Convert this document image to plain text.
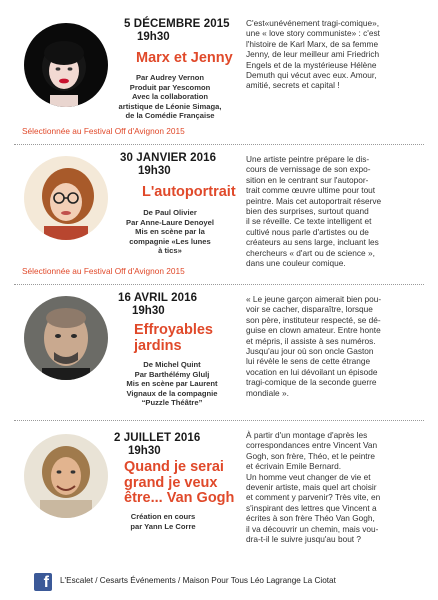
5 DÉCEMBRE 2015
19h30
Marx et Jenny
Par Audrey Vernon
Produit par Yescomon
Avec la collaboration
artistique de Léonie Simaga,
de la Comédie Française
Sélectionnée au Festival Off d'Avignon 2015
C'est«unévénement tragi-comique»,
une « love story communiste» : c'est
l'histoire de Karl Marx, de sa femme
Jenny, de leur meilleur ami Friedrich
Engels et de la mystérieuse Hélène
Demuth qui vécut avec eux. Amour,
amitié, secrets et capital !
30 JANVIER 2016
19h30
L'autoportrait
De Paul Olivier
Par Anne-Laure Denoyel
Mis en scène par la
compagnie «Les lunes
à tics»
Sélectionnée au Festival Off d'Avignon 2015
Une artiste peintre prépare le dis-
cours de vernissage de son expo-
sition en le centrant sur l'autopor-
trait comme œuvre ultime pour tout
peintre. Mais cet autoportrait réserve
bien des surprises, surtout quand
il se réveille. Ce texte intelligent et
cultivé nous parle d'artistes ou de
créateurs au sens large, incluant les
chercheurs « d'art ou de science »,
dans une couleur comique.
16 AVRIL 2016
19h30
Effroyables
jardins
De Michel Quint
Par Barthélémy Glulj
Mis en scène par Laurent
Vignaux de la compagnie
“Puzzle Théâtre”
« Le jeune garçon aimerait bien pou-
voir se cacher, disparaître, lorsque
son père, instituteur respecté, se dé-
guise en clown amateur. Entre honte
et mépris, il assiste à ses numéros.
Jusqu'au jour où son oncle Gaston
lui révèle le sens de cette étrange
vocation en lui dévoilant un épisode
tragi-comique de la seconde guerre
mondiale ».
2 JUILLET 2016
19h30
Quand je serai
grand je veux
être... Van Gogh
Création en cours
par Yann Le Corre
À partir d'un montage d'après les
correspondances entre Vincent Van
Gogh, son frère, Théo, et le peintre
et écrivain Emile Bernard.
Un homme veut changer de vie et
devenir artiste, mais quel art choisir
et comment y parvenir? Très vite, en
s'inspirant des lettres que Vincent a
écrites à son frère Théo Van Gogh,
il va découvrir un chemin, mais vou-
dra-t-il le suivre jusqu'au bout ?
f L'Escalet / Cesarts Événements / Maison Pour Tous Léo Lagrange La Ciotat
